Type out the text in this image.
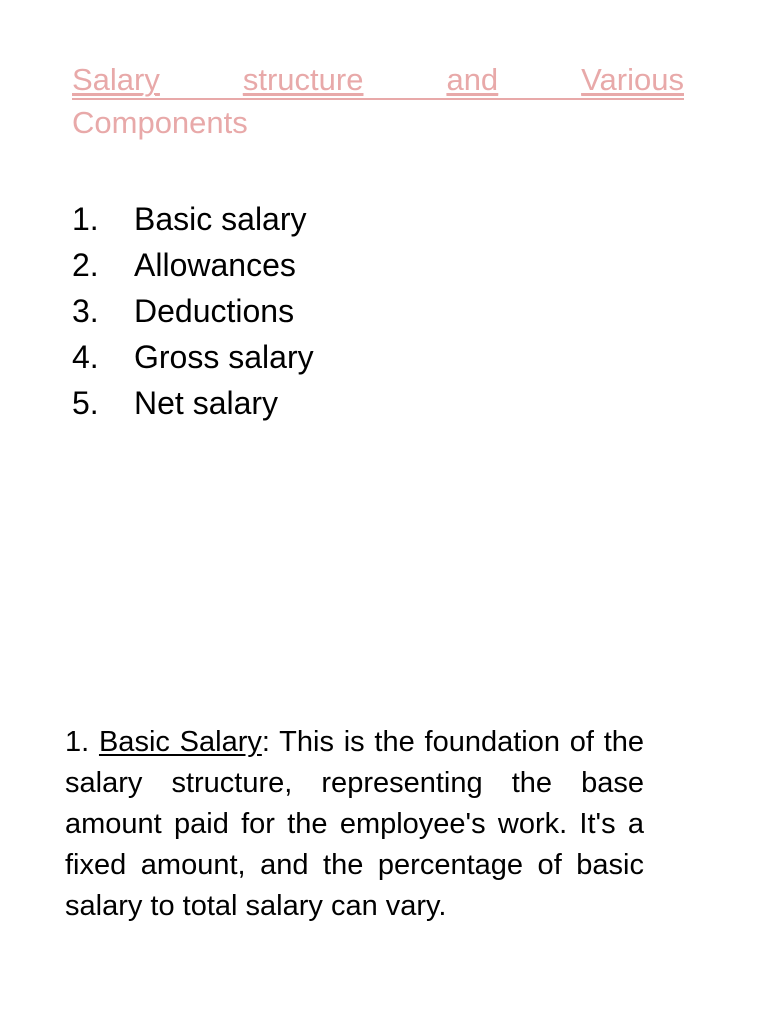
Salary	structure	and	Various
Components
1.	Basic salary
2.	Allowances
3.	Deductions
4.	Gross salary
5.	Net salary

1. Basic Salary: This is the foundation of the salary structure, representing the base amount paid for the employee's work. It's a fixed amount, and the percentage of basic salary to total salary can vary.
